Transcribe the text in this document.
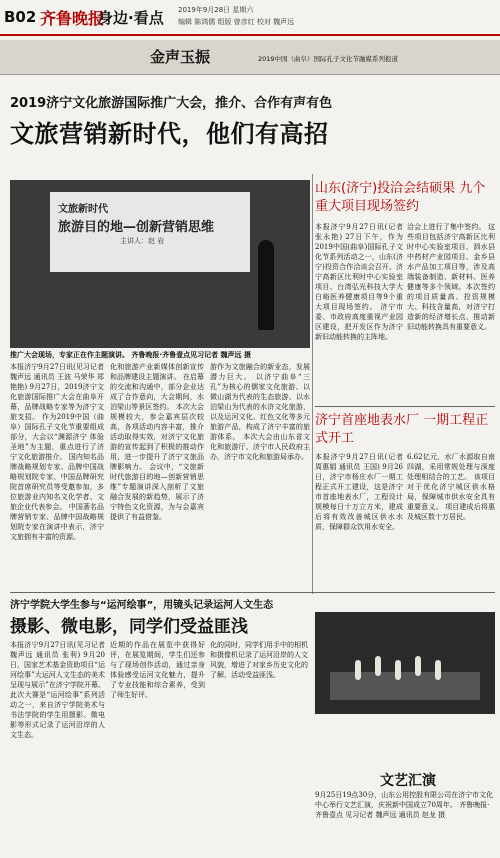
B02 齐鲁晚报
身边·看点 2019年9月28日 星期六
编辑 陈鸿儒 组版 曾彦红 校对 魏声远
金声玉振	2019中国（曲阜）国际孔子文化节融媒系列报道
2019济宁文化旅游国际推广大会，推介、合作有声有色
文旅营销新时代，他们有高招
文旅新时代
旅游目的地—创新营销思维
主讲人：赵 岩
推广大会现场，专家正在作主题演讲。 齐鲁晚报·齐鲁壹点见习记者 魏声远 摄
本报济宁9月27日讯(见习记者 魏声远 通讯员 王波 马荣华 郑艳艳) 9月27日，2019济宁文化旅游国际推广大会在曲阜开幕，品牌战略专家等为济宁文旅支招。 作为2019中国（曲阜）国际孔子文化节重要组成部分，大会以“渊源济宁 体验圣地”为主题，重点进行了济宁文化旅游推介。 国内知名品牌战略规划专家、品牌中国战略规划院专家、中国品牌研究院首席研究员等受邀参加，多位旅游业内知名文化学者、文旅企业代表参会。 中国著名品牌营销专家、品牌中国战略规划院专家在演讲中表示，济宁文旅拥有丰富的资源。
化和旅游产业新媒体创新宣传和品牌建设主题演讲。 在启幕的交流和沟通中，部分企业达成了合作意向，大会期间，水泊梁山等景区签约。 本次大会规模较大，参会嘉宾层次较高，各项活动内容丰富，推介活动取得实效，对济宁文化旅游的宣传起到了积极的推动作用，进一步提升了济宁文旅品牌影响力。 会议中，“文旅新时代旅游目的地—创新营销思维”专题演讲深入剖析了文旅融合发展的新趋势，展示了济宁特色文化资源，为与会嘉宾提供了有益借鉴。
游作为文旅融合的新业态，发展潜力巨大。 以济宁曲阜“三孔”为核心的儒家文化旅游、以微山湖为代表的生态旅游、以水泊梁山为代表的水浒文化旅游，以及运河文化、红色文化等多元旅游产品，构成了济宁丰富的旅游体系。 本次大会由山东省文化和旅游厅、济宁市人民政府主办，济宁市文化和旅游局承办。
山东(济宁)投洽会结硕果 九个重大项目现场签约
本报济宁9月27日讯(记者 张永艳) 27日下午，作为2019中国(曲阜)国际孔子文化节系列活动之一，山东(济宁)投资合作洽谈会召开。济宁高新区比利时中心实验室项目、台湾弘光科技大学大白峪医养健康项目等9个重大项目现场签约。 济宁市委、市政府高度重视产业园区建设，把开发区作为济宁新旧动能转换的主阵地。
洽会上进行了集中签约。 这些项目包括济宁高新区比利时中心实验室项目、泗水县中药材产业园项目、金乡县水产品加工项目等，涉及高端装备制造、新材料、医养健康等多个领域。本次签约的项目质量高、投资规模大、科技含量高，对济宁打造新的经济增长点、推动新旧动能转换具有重要意义。
济宁首座地表水厂 一期工程正式开工
本报济宁9月27日讯(记者 周惠娟 通讯员 王国) 9月26日，济宁市杨庄水厂一期工程正式开工建设，这是济宁市首座地表水厂，工程设计规模每日十万立方米，建成后将有效改善城区供水水质，保障群众饮用水安全。
6.62亿元，水厂水源取自南四湖，采用常规处理与深度处理相结合的工艺。 该项目对于优化济宁城区供水格局，保障城市供水安全具有重要意义。 项目建成后将惠及城区数十万居民。
济宁学院大学生参与“运河绘事”，用镜头记录运河人文生态
摄影、微电影，同学们受益匪浅
本报济宁9月27日讯(见习记者 魏声远 通讯员 张利) 9月20日，国家艺术基金资助项目“运河绘事”大运河人文生态的美术呈现与展示”在济宁学院开幕。 此次大赛是“运河绘事”系列活动之一，来自济宁学院美术与书法学院的学生用摄影、微电影等形式记录了运河沿岸的人文生态。
近期的作品在展览中获得好评，在展览期间，学生们还参与了现场创作活动，通过亲身体验感受运河文化魅力，提升了专业技能和综合素养，受到了师生好评。
化的同时，同学们用手中的相机和摄像机记录了运河沿岸的人文风貌，增进了对家乡历史文化的了解，活动受益匪浅。
文艺汇演
9月25日19点30分，山东公用控股有限公司在济宁市文化中心举行文艺汇演，庆祝新中国成立70周年。 齐鲁晚报·齐鲁壹点 见习记者 魏声远 通讯员 赵龙 摄
